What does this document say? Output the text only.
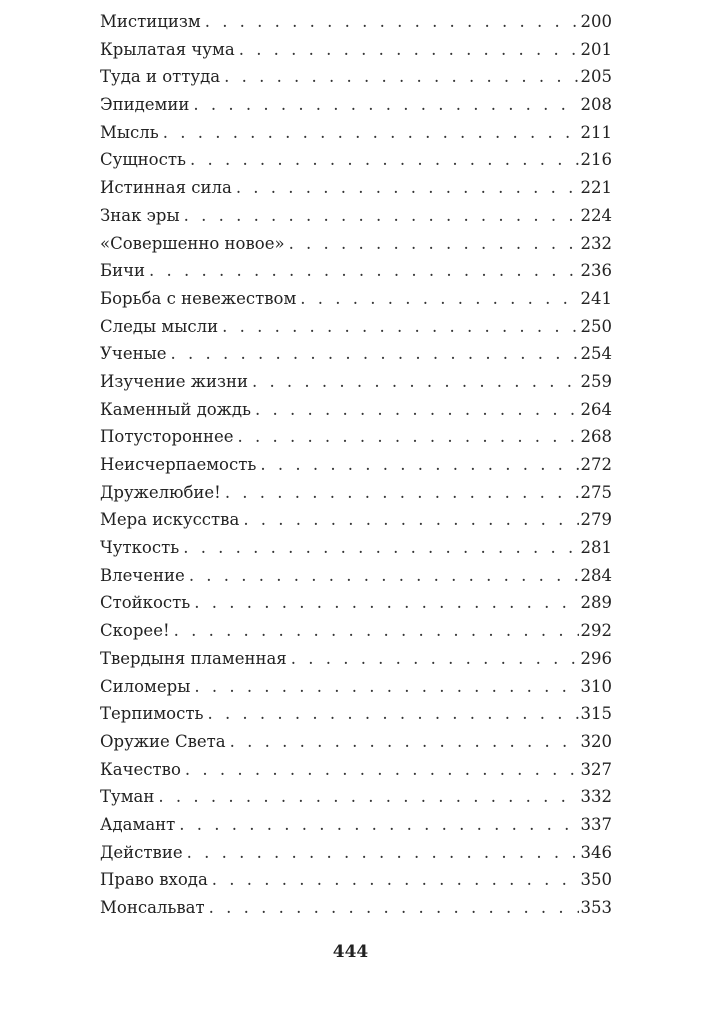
Мистицизм . . .	200
Крылатая чума . . .	201
Туда и оттуда . . .	205
Эпидемии . . .	208
Мысль . . .	211
Сущность . . .	216
Истинная сила . . .	221
Знак эры . . .	224
«Совершенно новое» . . .	232
Бичи . . .	236
Борьба с невежеством . . .	241
Следы мысли . . .	250
Ученые . . .	254
Изучение жизни . . .	259
Каменный дождь . . .	264
Потустороннее . . .	268
Неисчерпаемость . . .	272
Дружелюбие! . . .	275
Мера искусства . . .	279
Чуткость . . .	281
Влечение . . .	284
Стойкость . . .	289
Скорее! . . .	292
Твердыня пламенная . . .	296
Силомеры . . .	310
Терпимость . . .	315
Оружие Света . . .	320
Качество . . .	327
Туман . . .	332
Адамант . . .	337
Действие . . .	346
Право входа . . .	350
Монсальват . . .	353
444
